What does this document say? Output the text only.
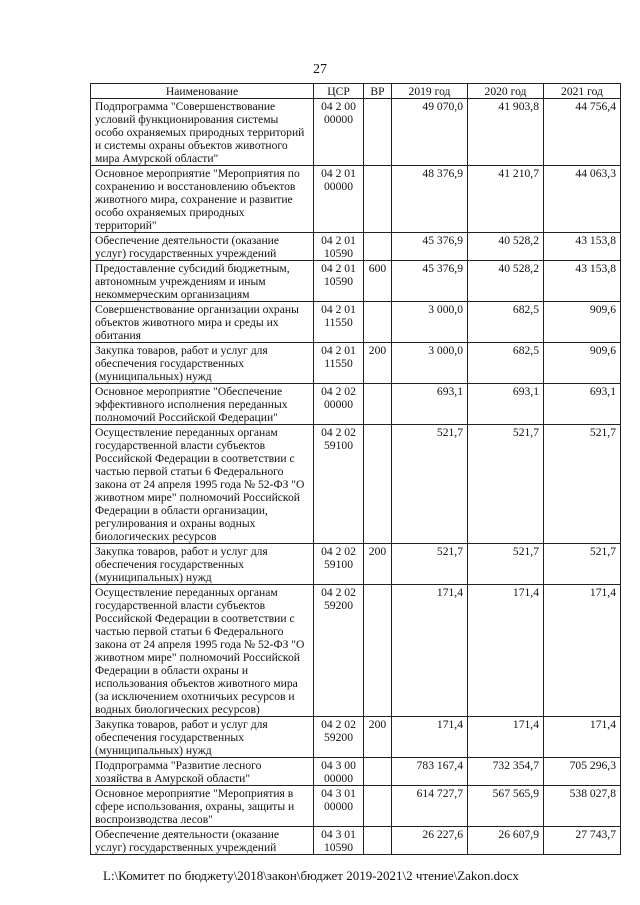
27
Наименование	ЦСР	ВР	2019 год	2020 год	2021 год
Подпрограмма "Совершенствование условий функционирования системы особо охраняемых природных территорий и системы охраны объектов животного мира Амурской области"	04 2 00 00000		49 070,0	41 903,8	44 756,4
Основное мероприятие "Мероприятия по сохранению и восстановлению объектов животного мира, сохранение и развитие особо охраняемых природных территорий"	04 2 01 00000		48 376,9	41 210,7	44 063,3
Обеспечение деятельности (оказание услуг) государственных учреждений	04 2 01 10590		45 376,9	40 528,2	43 153,8
Предоставление субсидий бюджетным, автономным учреждениям и иным некоммерческим организациям	04 2 01 10590	600	45 376,9	40 528,2	43 153,8
Совершенствование организации охраны объектов животного мира и среды их обитания	04 2 01 11550		3 000,0	682,5	909,6
Закупка товаров, работ и услуг для обеспечения государственных (муниципальных) нужд	04 2 01 11550	200	3 000,0	682,5	909,6
Основное мероприятие "Обеспечение эффективного исполнения переданных полномочий Российской Федерации"	04 2 02 00000		693,1	693,1	693,1
Осуществление переданных органам государственной власти субъектов Российской Федерации в соответствии с частью первой статьи 6 Федерального закона от 24 апреля 1995 года № 52-ФЗ "О животном мире" полномочий Российской Федерации в области организации, регулирования и охраны водных биологических ресурсов	04 2 02 59100		521,7	521,7	521,7
Закупка товаров, работ и услуг для обеспечения государственных (муниципальных) нужд	04 2 02 59100	200	521,7	521,7	521,7
Осуществление переданных органам государственной власти субъектов Российской Федерации в соответствии с частью первой статьи 6 Федерального закона от 24 апреля 1995 года № 52-ФЗ "О животном мире" полномочий Российской Федерации в области охраны и использования объектов животного мира (за исключением охотничьих ресурсов и водных биологических ресурсов)	04 2 02 59200		171,4	171,4	171,4
Закупка товаров, работ и услуг для обеспечения государственных (муниципальных) нужд	04 2 02 59200	200	171,4	171,4	171,4
Подпрограмма "Развитие лесного хозяйства в Амурской области"	04 3 00 00000		783 167,4	732 354,7	705 296,3
Основное мероприятие "Мероприятия в сфере использования, охраны, защиты и воспроизводства лесов"	04 3 01 00000		614 727,7	567 565,9	538 027,8
Обеспечение деятельности (оказание услуг) государственных учреждений	04 3 01 10590		26 227,6	26 607,9	27 743,7
L:\Комитет по бюджету\2018\закон\бюджет 2019-2021\2 чтение\Zakon.docx
